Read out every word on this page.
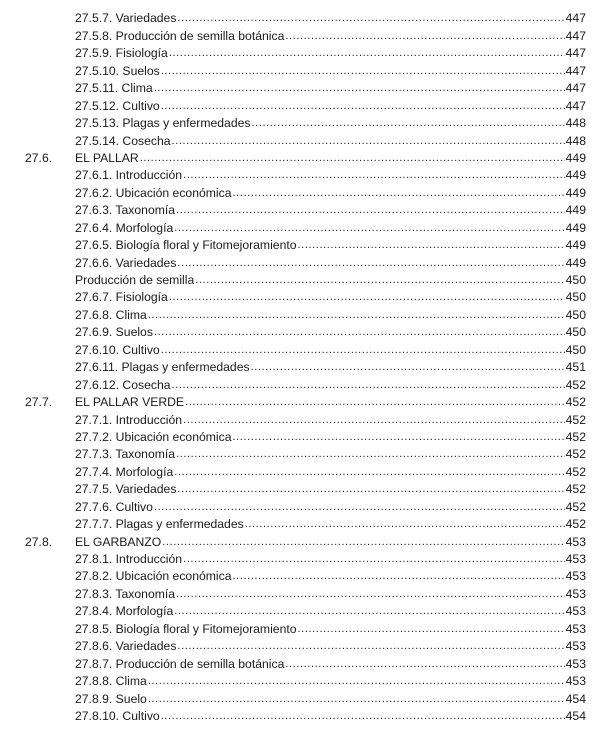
27.5.7. Variedades .....	447
27.5.8. Producción de semilla botánica .....	447
27.5.9. Fisiología .....	447
27.5.10. Suelos .....	447
27.5.11. Clima .....	447
27.5.12. Cultivo .....	447
27.5.13. Plagas y enfermedades .....	448
27.5.14. Cosecha .....	448
27.6. EL PALLAR .....	449
27.6.1. Introducción .....	449
27.6.2. Ubicación económica .....	449
27.6.3. Taxonomía .....	449
27.6.4. Morfología .....	449
27.6.5. Biología floral y Fitomejoramiento .....	449
27.6.6. Variedades .....	449
Producción de semilla .....	450
27.6.7. Fisiología .....	450
27.6.8. Clima .....	450
27.6.9. Suelos .....	450
27.6.10. Cultivo .....	450
27.6.11. Plagas y enfermedades .....	451
27.6.12. Cosecha .....	452
27.7. EL PALLAR VERDE .....	452
27.7.1. Introducción .....	452
27.7.2. Ubicación económica .....	452
27.7.3. Taxonomía .....	452
27.7.4. Morfología .....	452
27.7.5. Variedades .....	452
27.7.6. Cultivo .....	452
27.7.7. Plagas y enfermedades .....	452
27.8. EL GARBANZO .....	453
27.8.1. Introducción .....	453
27.8.2. Ubicación económica .....	453
27.8.3. Taxonomía .....	453
27.8.4. Morfología .....	453
27.8.5. Biología floral y Fitomejoramiento .....	453
27.8.6. Variedades .....	453
27.8.7. Producción de semilla botánica .....	453
27.8.8. Clima .....	453
27.8.9. Suelo .....	454
27.8.10. Cultivo .....	454
